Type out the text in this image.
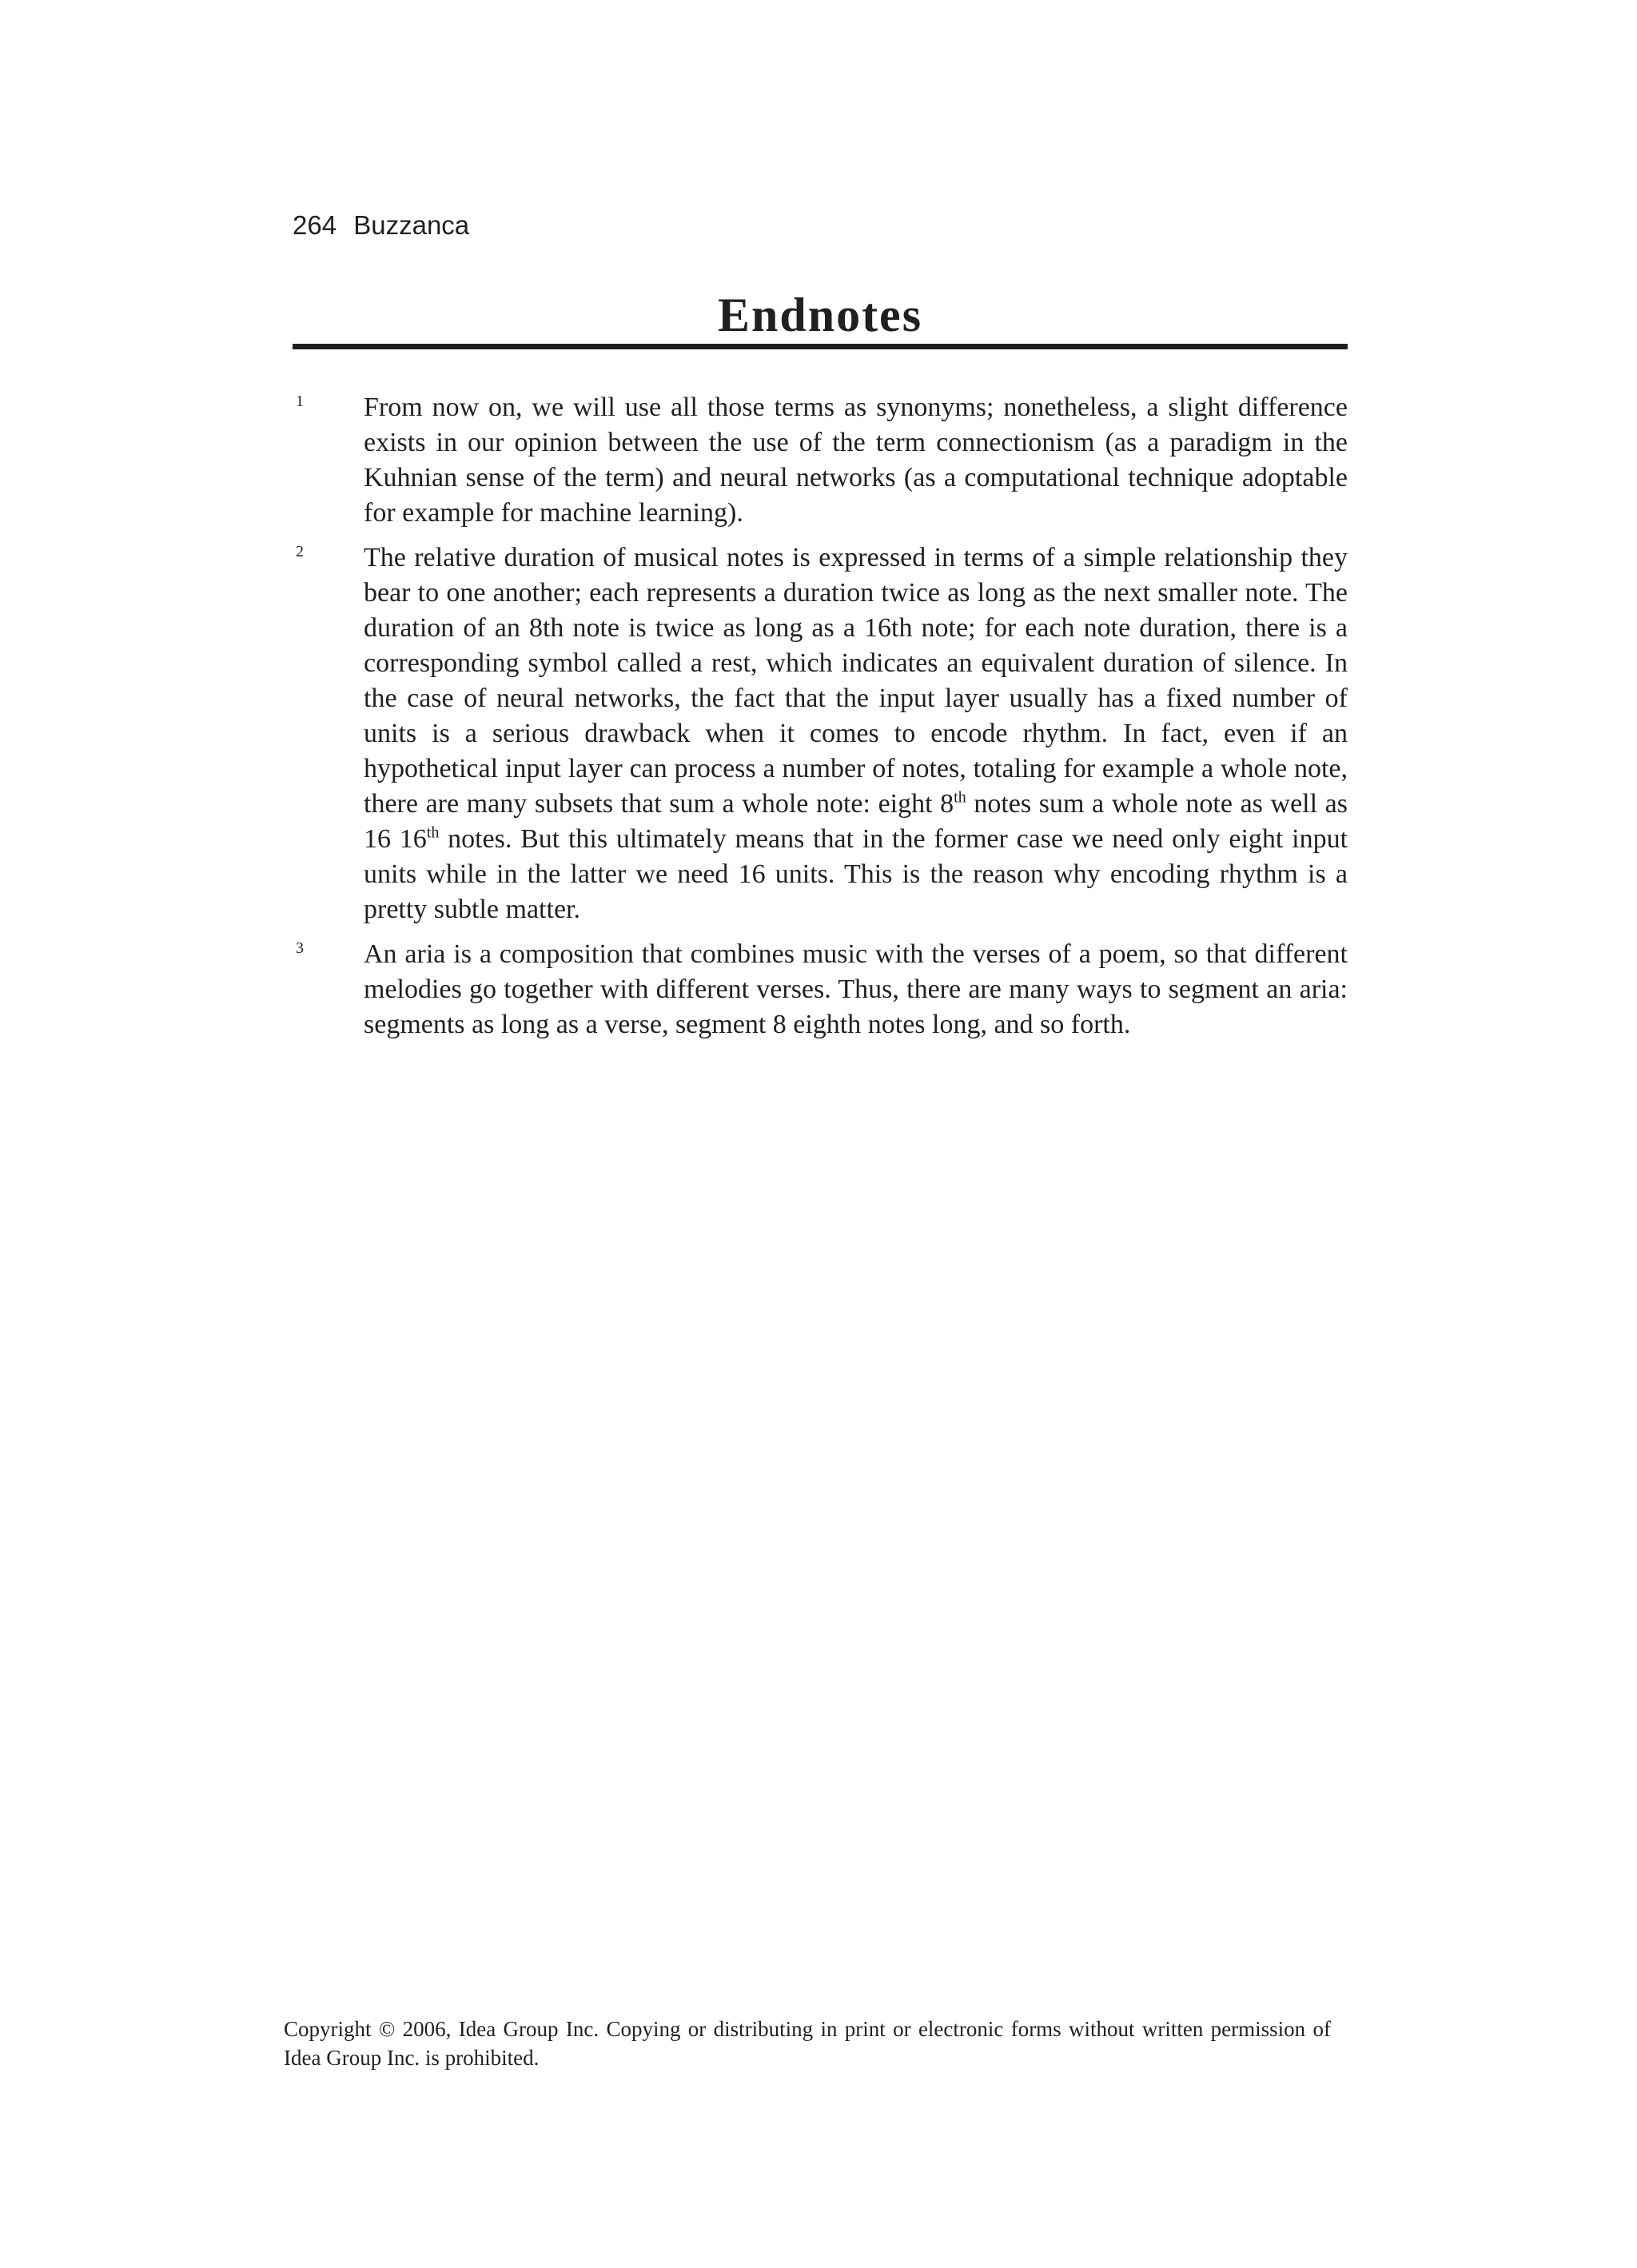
264 Buzzanca
Endnotes
1 From now on, we will use all those terms as synonyms; nonetheless, a slight difference exists in our opinion between the use of the term connectionism (as a paradigm in the Kuhnian sense of the term) and neural networks (as a computational technique adoptable for example for machine learning).

2 The relative duration of musical notes is expressed in terms of a simple relationship they bear to one another; each represents a duration twice as long as the next smaller note. The duration of an 8th note is twice as long as a 16th note; for each note duration, there is a corresponding symbol called a rest, which indicates an equivalent duration of silence. In the case of neural networks, the fact that the input layer usually has a fixed number of units is a serious drawback when it comes to encode rhythm. In fact, even if an hypothetical input layer can process a number of notes, totaling for example a whole note, there are many subsets that sum a whole note: eight 8th notes sum a whole note as well as 16 16th notes. But this ultimately means that in the former case we need only eight input units while in the latter we need 16 units. This is the reason why encoding rhythm is a pretty subtle matter.

3 An aria is a composition that combines music with the verses of a poem, so that different melodies go together with different verses. Thus, there are many ways to segment an aria: segments as long as a verse, segment 8 eighth notes long, and so forth.

Copyright © 2006, Idea Group Inc. Copying or distributing in print or electronic forms without written permission of Idea Group Inc. is prohibited.
